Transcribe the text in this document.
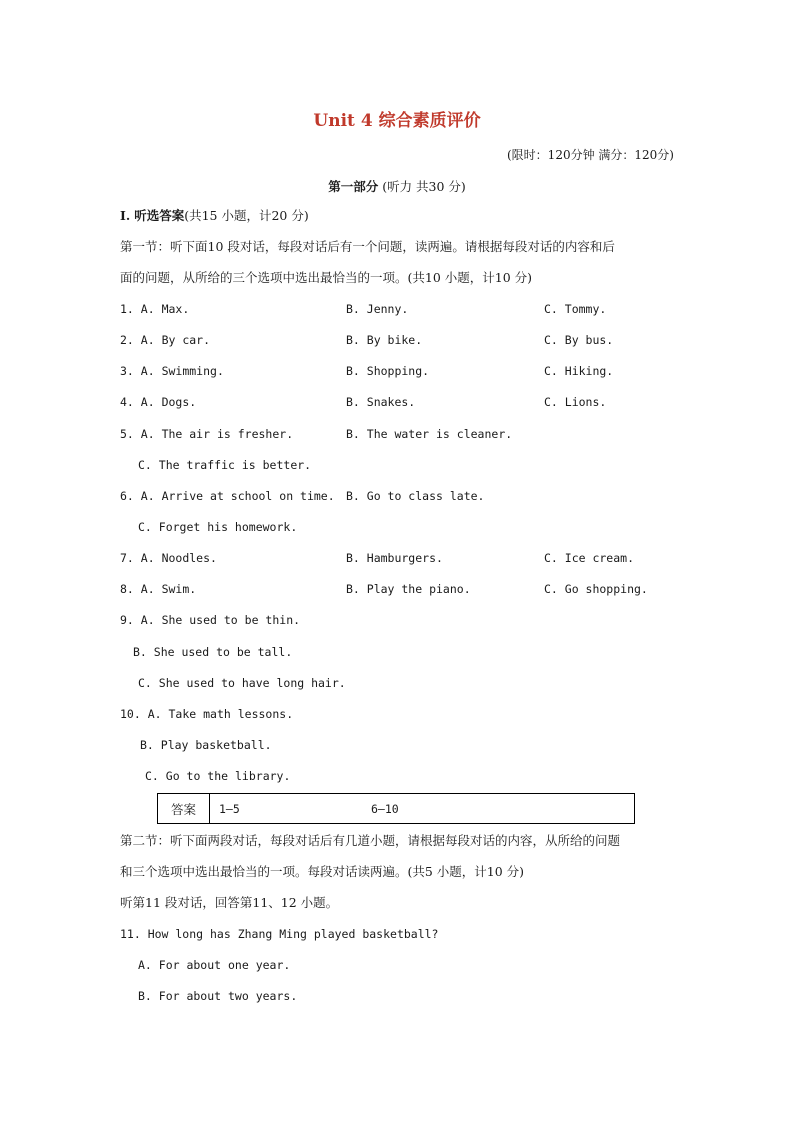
Unit 4 综合素质评价
(限时：120分钟 满分：120分)
第一部分 (听力 共30 分)
I. 听选答案(共15 小题，计20 分)
第一节：听下面10 段对话，每段对话后有一个问题，读两遍。请根据每段对话的内容和后
面的问题，从所给的三个选项中选出最恰当的一项。(共10 小题，计10 分)
1. A. Max.	B. Jenny.	C. Tommy.
2. A. By car.	B. By bike.	C. By bus.
3. A. Swimming.	B. Shopping.	C. Hiking.
4. A. Dogs.	B. Snakes.	C. Lions.
5. A. The air is fresher.	B. The water is cleaner.
C. The traffic is better.
6. A. Arrive at school on time. B. Go to class late.
C. Forget his homework.
7. A. Noodles.	B. Hamburgers.	C. Ice cream.
8. A. Swim.	B. Play the piano.	C. Go shopping.
9. A. She used to be thin.
B. She used to be tall.
C. She used to have long hair.
10. A. Take math lessons.
B. Play basketball.
C. Go to the library.
答案	1—5	6—10
第二节：听下面两段对话，每段对话后有几道小题，请根据每段对话的内容，从所给的问题
和三个选项中选出最恰当的一项。每段对话读两遍。(共5 小题，计10 分)
听第11 段对话，回答第11、12 小题。
11. How long has Zhang Ming played basketball?
A. For about one year.
B. For about two years.
